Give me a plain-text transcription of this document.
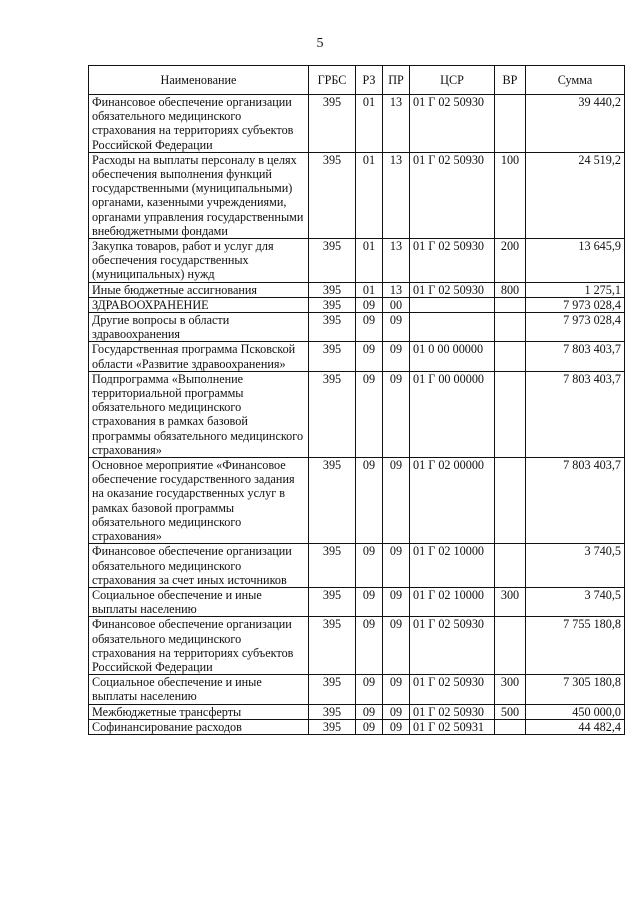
5
Наименование	ГРБС	РЗ	ПР	ЦСР	ВР	Сумма
Финансовое обеспечение организации обязательного медицинского страхования на территориях субъектов Российской Федерации	395	01	13	01 Г 02 50930		39 440,2
Расходы на выплаты персоналу в целях обеспечения выполнения функций государственными (муниципальными) органами, казенными учреждениями, органами управления государственными внебюджетными фондами	395	01	13	01 Г 02 50930	100	24 519,2
Закупка товаров, работ и услуг для обеспечения государственных (муниципальных) нужд	395	01	13	01 Г 02 50930	200	13 645,9
Иные бюджетные ассигнования	395	01	13	01 Г 02 50930	800	1 275,1
ЗДРАВООХРАНЕНИЕ	395	09	00			7 973 028,4
Другие вопросы в области здравоохранения	395	09	09			7 973 028,4
Государственная программа Псковской области «Развитие здравоохранения»	395	09	09	01 0 00 00000		7 803 403,7
Подпрограмма «Выполнение территориальной программы обязательного медицинского страхования в рамках базовой программы обязательного медицинского страхования»	395	09	09	01 Г 00 00000		7 803 403,7
Основное мероприятие «Финансовое обеспечение государственного задания на оказание государственных услуг в рамках базовой программы обязательного медицинского страхования»	395	09	09	01 Г 02 00000		7 803 403,7
Финансовое обеспечение организации обязательного медицинского страхования за счет иных источников	395	09	09	01 Г 02 10000		3 740,5
Социальное обеспечение и иные выплаты населению	395	09	09	01 Г 02 10000	300	3 740,5
Финансовое обеспечение организации обязательного медицинского страхования на территориях субъектов Российской Федерации	395	09	09	01 Г 02 50930		7 755 180,8
Социальное обеспечение и иные выплаты населению	395	09	09	01 Г 02 50930	300	7 305 180,8
Межбюджетные трансферты	395	09	09	01 Г 02 50930	500	450 000,0
Софинансирование расходов	395	09	09	01 Г 02 50931		44 482,4
